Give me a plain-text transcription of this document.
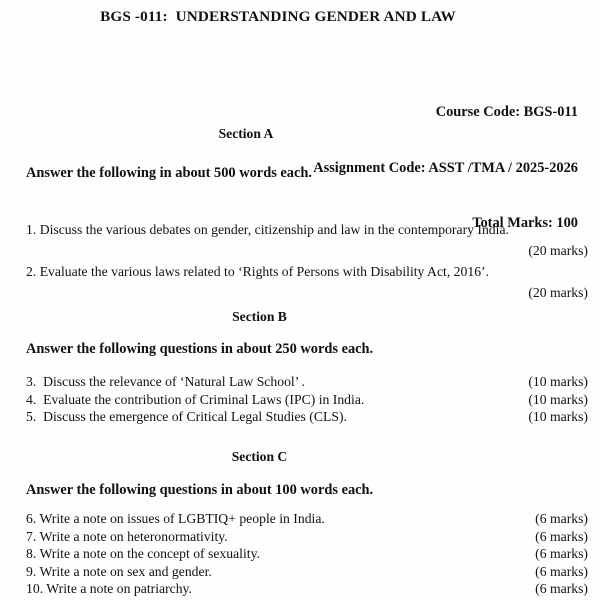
BGS -011:  UNDERSTANDING GENDER AND LAW

Course Code: BGS-011

Assignment Code: ASST /TMA / 2025-2026

Total Marks: 100

Section A
Answer the following in about 500 words each.
1. Discuss the various debates on gender, citizenship and law in the contemporary India.
(20 marks)
2. Evaluate the various laws related to ‘Rights of Persons with Disability Act, 2016’.
(20 marks)
Section B
Answer the following questions in about 250 words each.
3.  Discuss the relevance of ‘Natural Law School’ .	(10 marks)
4.  Evaluate the contribution of Criminal Laws (IPC) in India.	(10 marks)
5.  Discuss the emergence of Critical Legal Studies (CLS).	(10 marks)
Section C
Answer the following questions in about 100 words each.
6. Write a note on issues of LGBTIQ+ people in India.	(6 marks)
7. Write a note on heteronormativity.	(6 marks)
8. Write a note on the concept of sexuality.	(6 marks)
9. Write a note on sex and gender.	(6 marks)
10. Write a note on patriarchy.	(6 marks)
